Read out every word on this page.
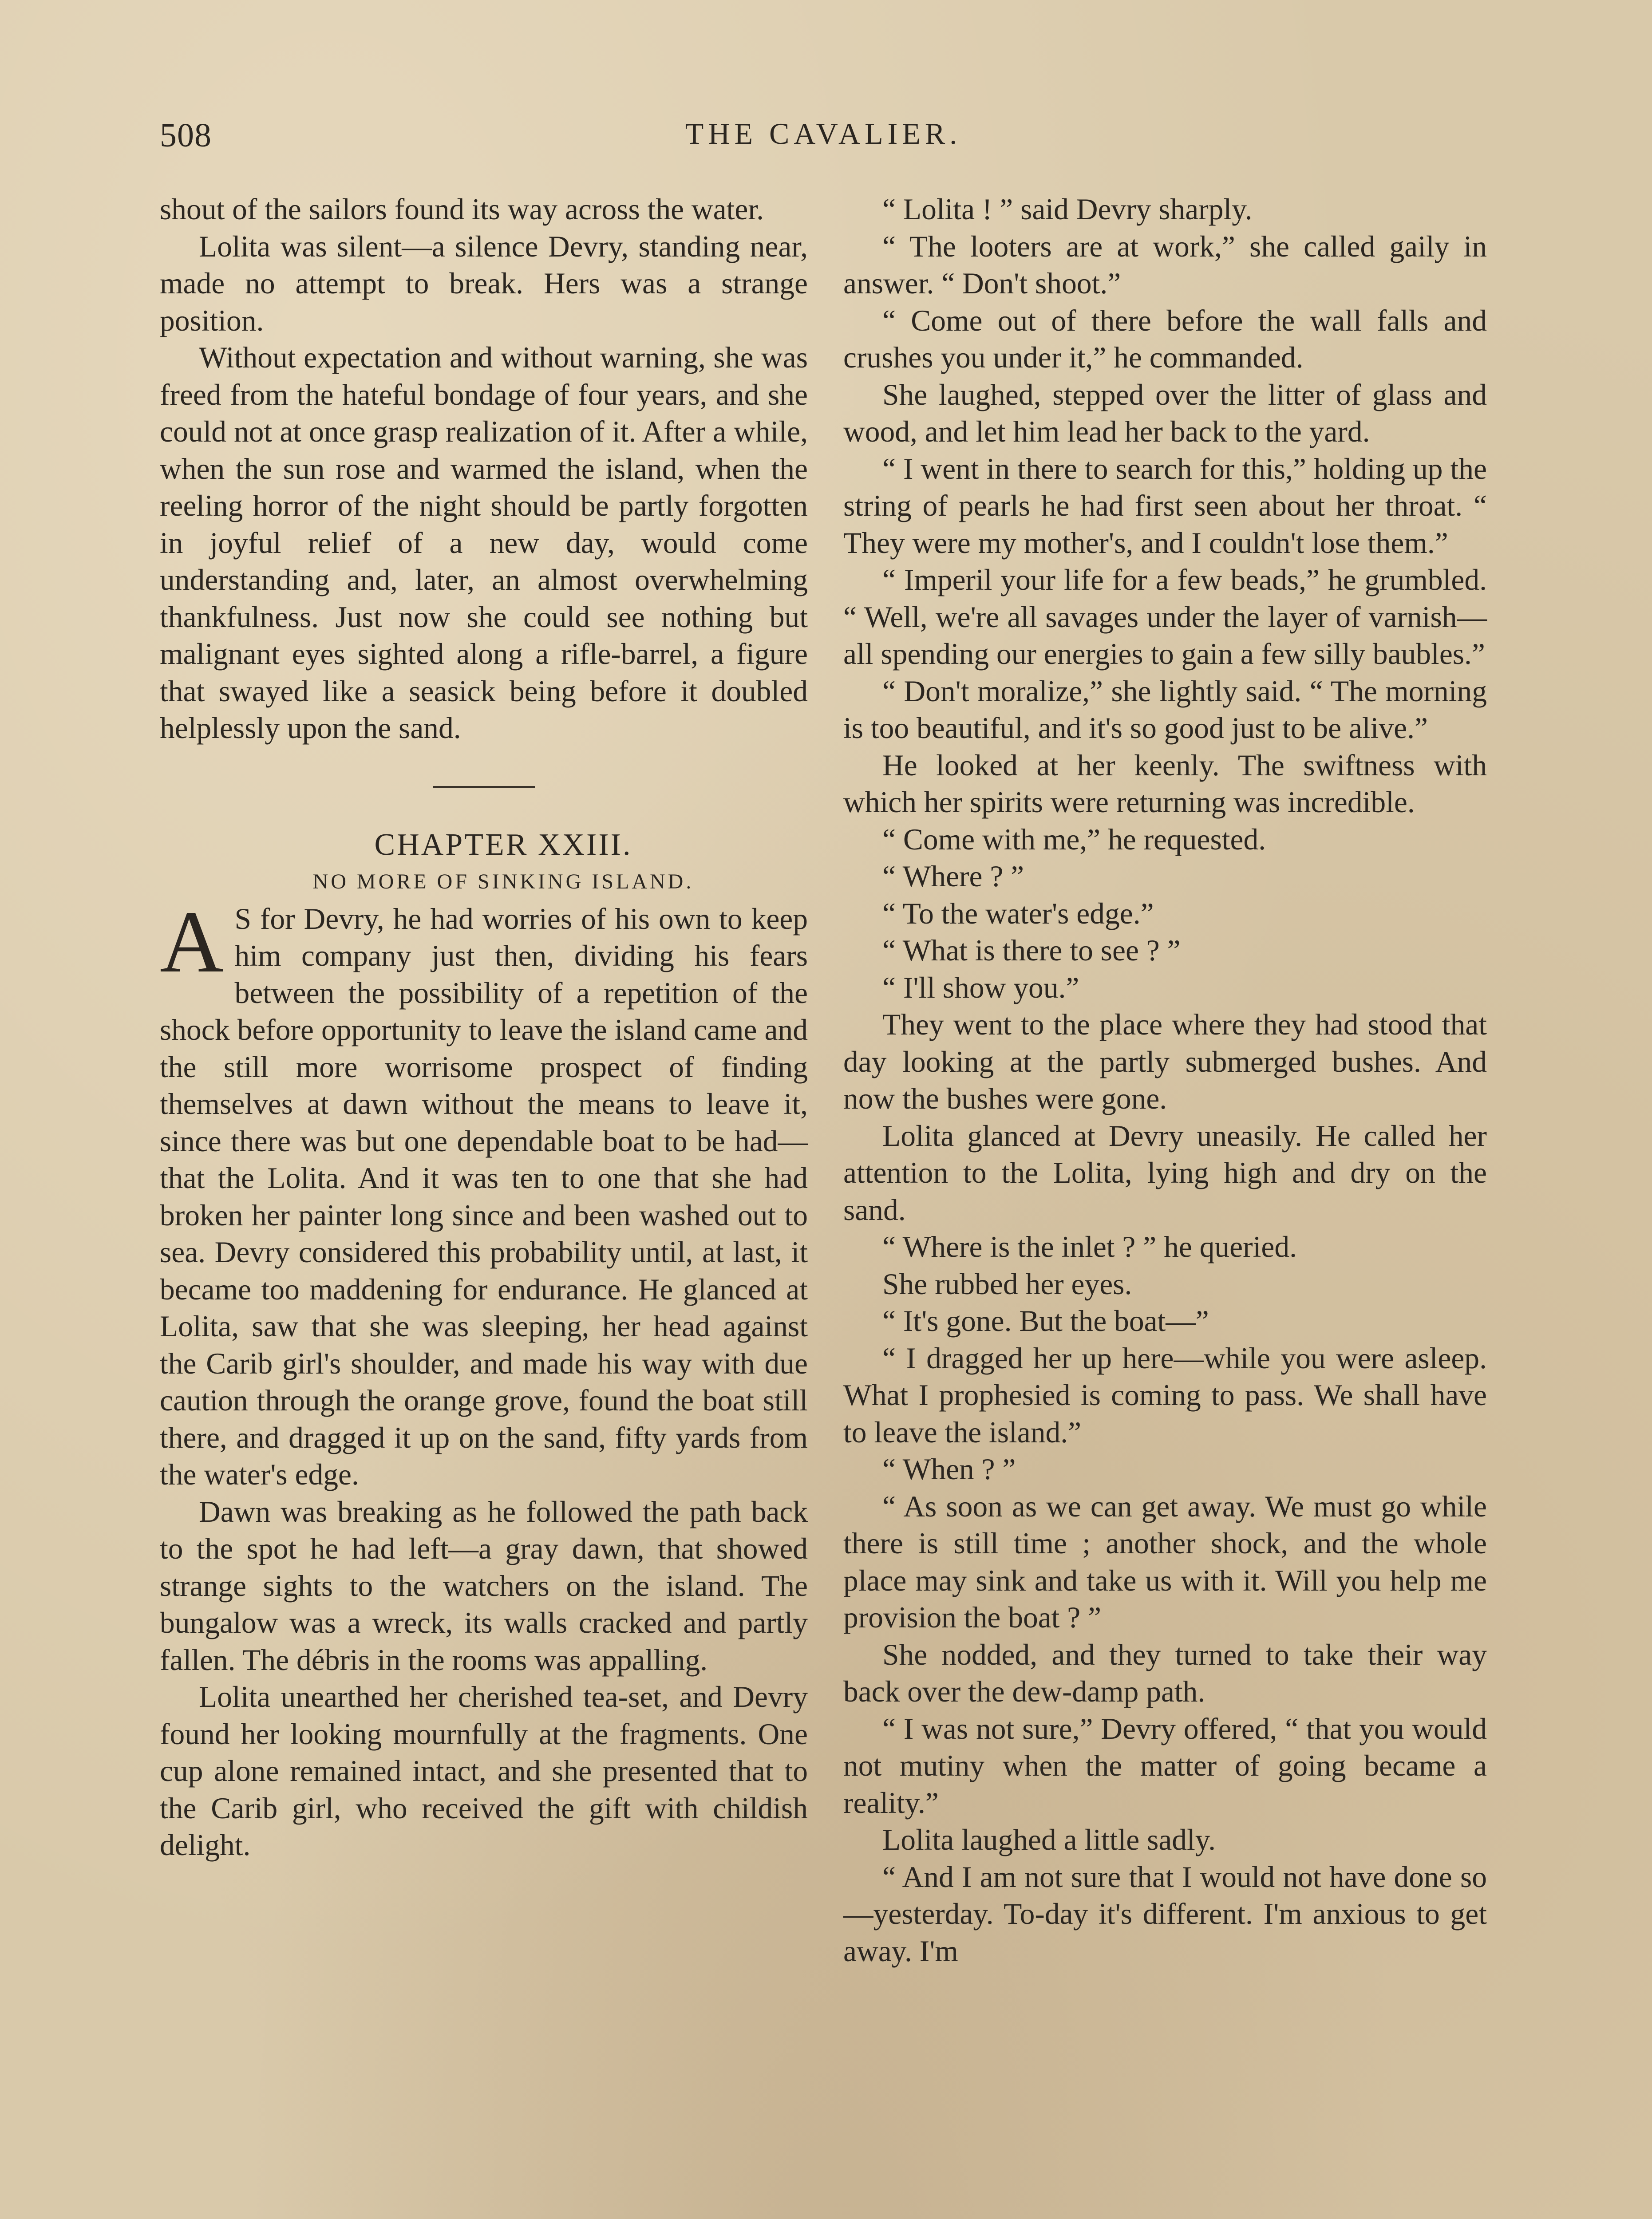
508	THE CAVALIER.

shout of the sailors found its way across the water.

Lolita was silent—a silence Devry, standing near, made no attempt to break. Hers was a strange position.

Without expectation and without warning, she was freed from the hateful bondage of four years, and she could not at once grasp realization of it. After a while, when the sun rose and warmed the island, when the reeling horror of the night should be partly forgotten in joyful relief of a new day, would come understanding and, later, an almost overwhelming thankfulness. Just now she could see nothing but malignant eyes sighted along a rifle-barrel, a figure that swayed like a seasick being before it doubled helplessly upon the sand.

CHAPTER XXIII.

NO MORE OF SINKING ISLAND.

A S for Devry, he had worries of his own to keep him company just then, dividing his fears between the possibility of a repetition of the shock before opportunity to leave the island came and the still more worrisome prospect of finding themselves at dawn without the means to leave it, since there was but one dependable boat to be had—that the Lolita. And it was ten to one that she had broken her painter long since and been washed out to sea. Devry considered this probability until, at last, it became too maddening for endurance. He glanced at Lolita, saw that she was sleeping, her head against the Carib girl's shoulder, and made his way with due caution through the orange grove, found the boat still there, and dragged it up on the sand, fifty yards from the water's edge.

Dawn was breaking as he followed the path back to the spot he had left—a gray dawn, that showed strange sights to the watchers on the island. The bungalow was a wreck, its walls cracked and partly fallen. The débris in the rooms was appalling.

Lolita unearthed her cherished tea-set, and Devry found her looking mournfully at the fragments. One cup alone remained intact, and she presented that to the Carib girl, who received the gift with childish delight.

“ Lolita ! ” said Devry sharply.

“ The looters are at work,” she called gaily in answer. “ Don't shoot.”

“ Come out of there before the wall falls and crushes you under it,” he commanded.

She laughed, stepped over the litter of glass and wood, and let him lead her back to the yard.

“ I went in there to search for this,” holding up the string of pearls he had first seen about her throat. “ They were my mother's, and I couldn't lose them.”

“ Imperil your life for a few beads,” he grumbled. “ Well, we're all savages under the layer of varnish—all spending our energies to gain a few silly baubles.”

“ Don't moralize,” she lightly said. “ The morning is too beautiful, and it's so good just to be alive.”

He looked at her keenly. The swiftness with which her spirits were returning was incredible.

“ Come with me,” he requested.

“ Where ? ”

“ To the water's edge.”

“ What is there to see ? ”

“ I'll show you.”

They went to the place where they had stood that day looking at the partly submerged bushes. And now the bushes were gone.

Lolita glanced at Devry uneasily. He called her attention to the Lolita, lying high and dry on the sand.

“ Where is the inlet ? ” he queried.

She rubbed her eyes.

“ It's gone. But the boat—”

“ I dragged her up here—while you were asleep. What I prophesied is coming to pass. We shall have to leave the island.”

“ When ? ”

“ As soon as we can get away. We must go while there is still time ; another shock, and the whole place may sink and take us with it. Will you help me provision the boat ? ”

She nodded, and they turned to take their way back over the dew-damp path.

“ I was not sure,” Devry offered, “ that you would not mutiny when the matter of going became a reality.”

Lolita laughed a little sadly.

“ And I am not sure that I would not have done so—yesterday. To-day it's different. I'm anxious to get away. I'm
